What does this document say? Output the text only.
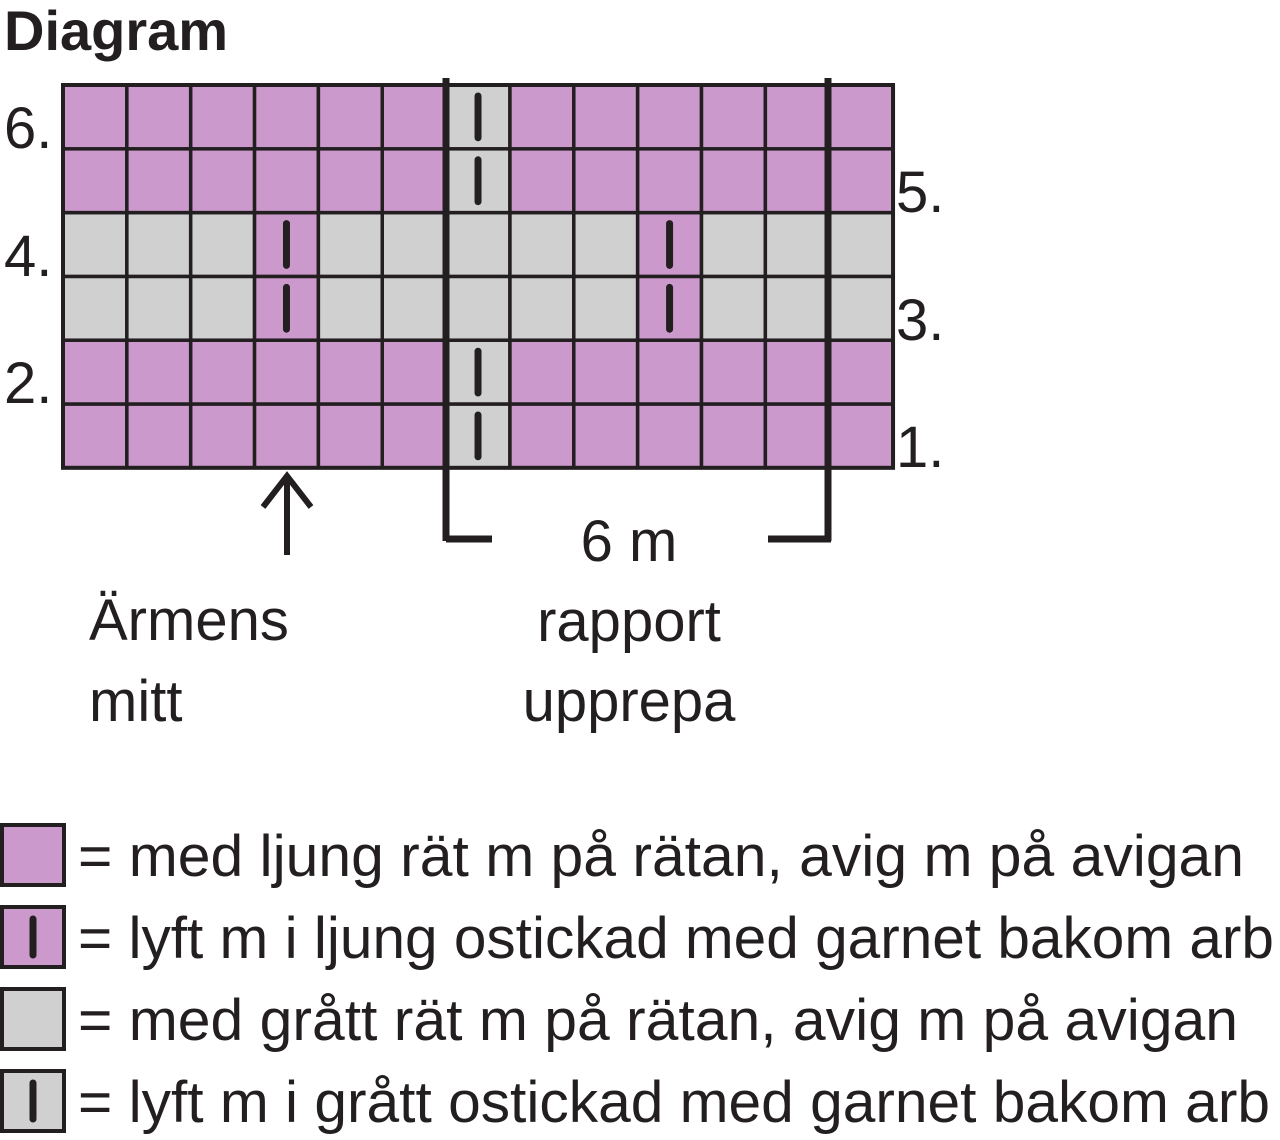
Diagram
6.
4.
2.
5.
3.
1.
6 m
rapport
upprepa
Ärmens
mitt
= med ljung rät m på rätan, avig m på avigan
= lyft m i ljung ostickad med garnet bakom arb
= med grått rät m på rätan, avig m på avigan
= lyft m i grått ostickad med garnet bakom arb
